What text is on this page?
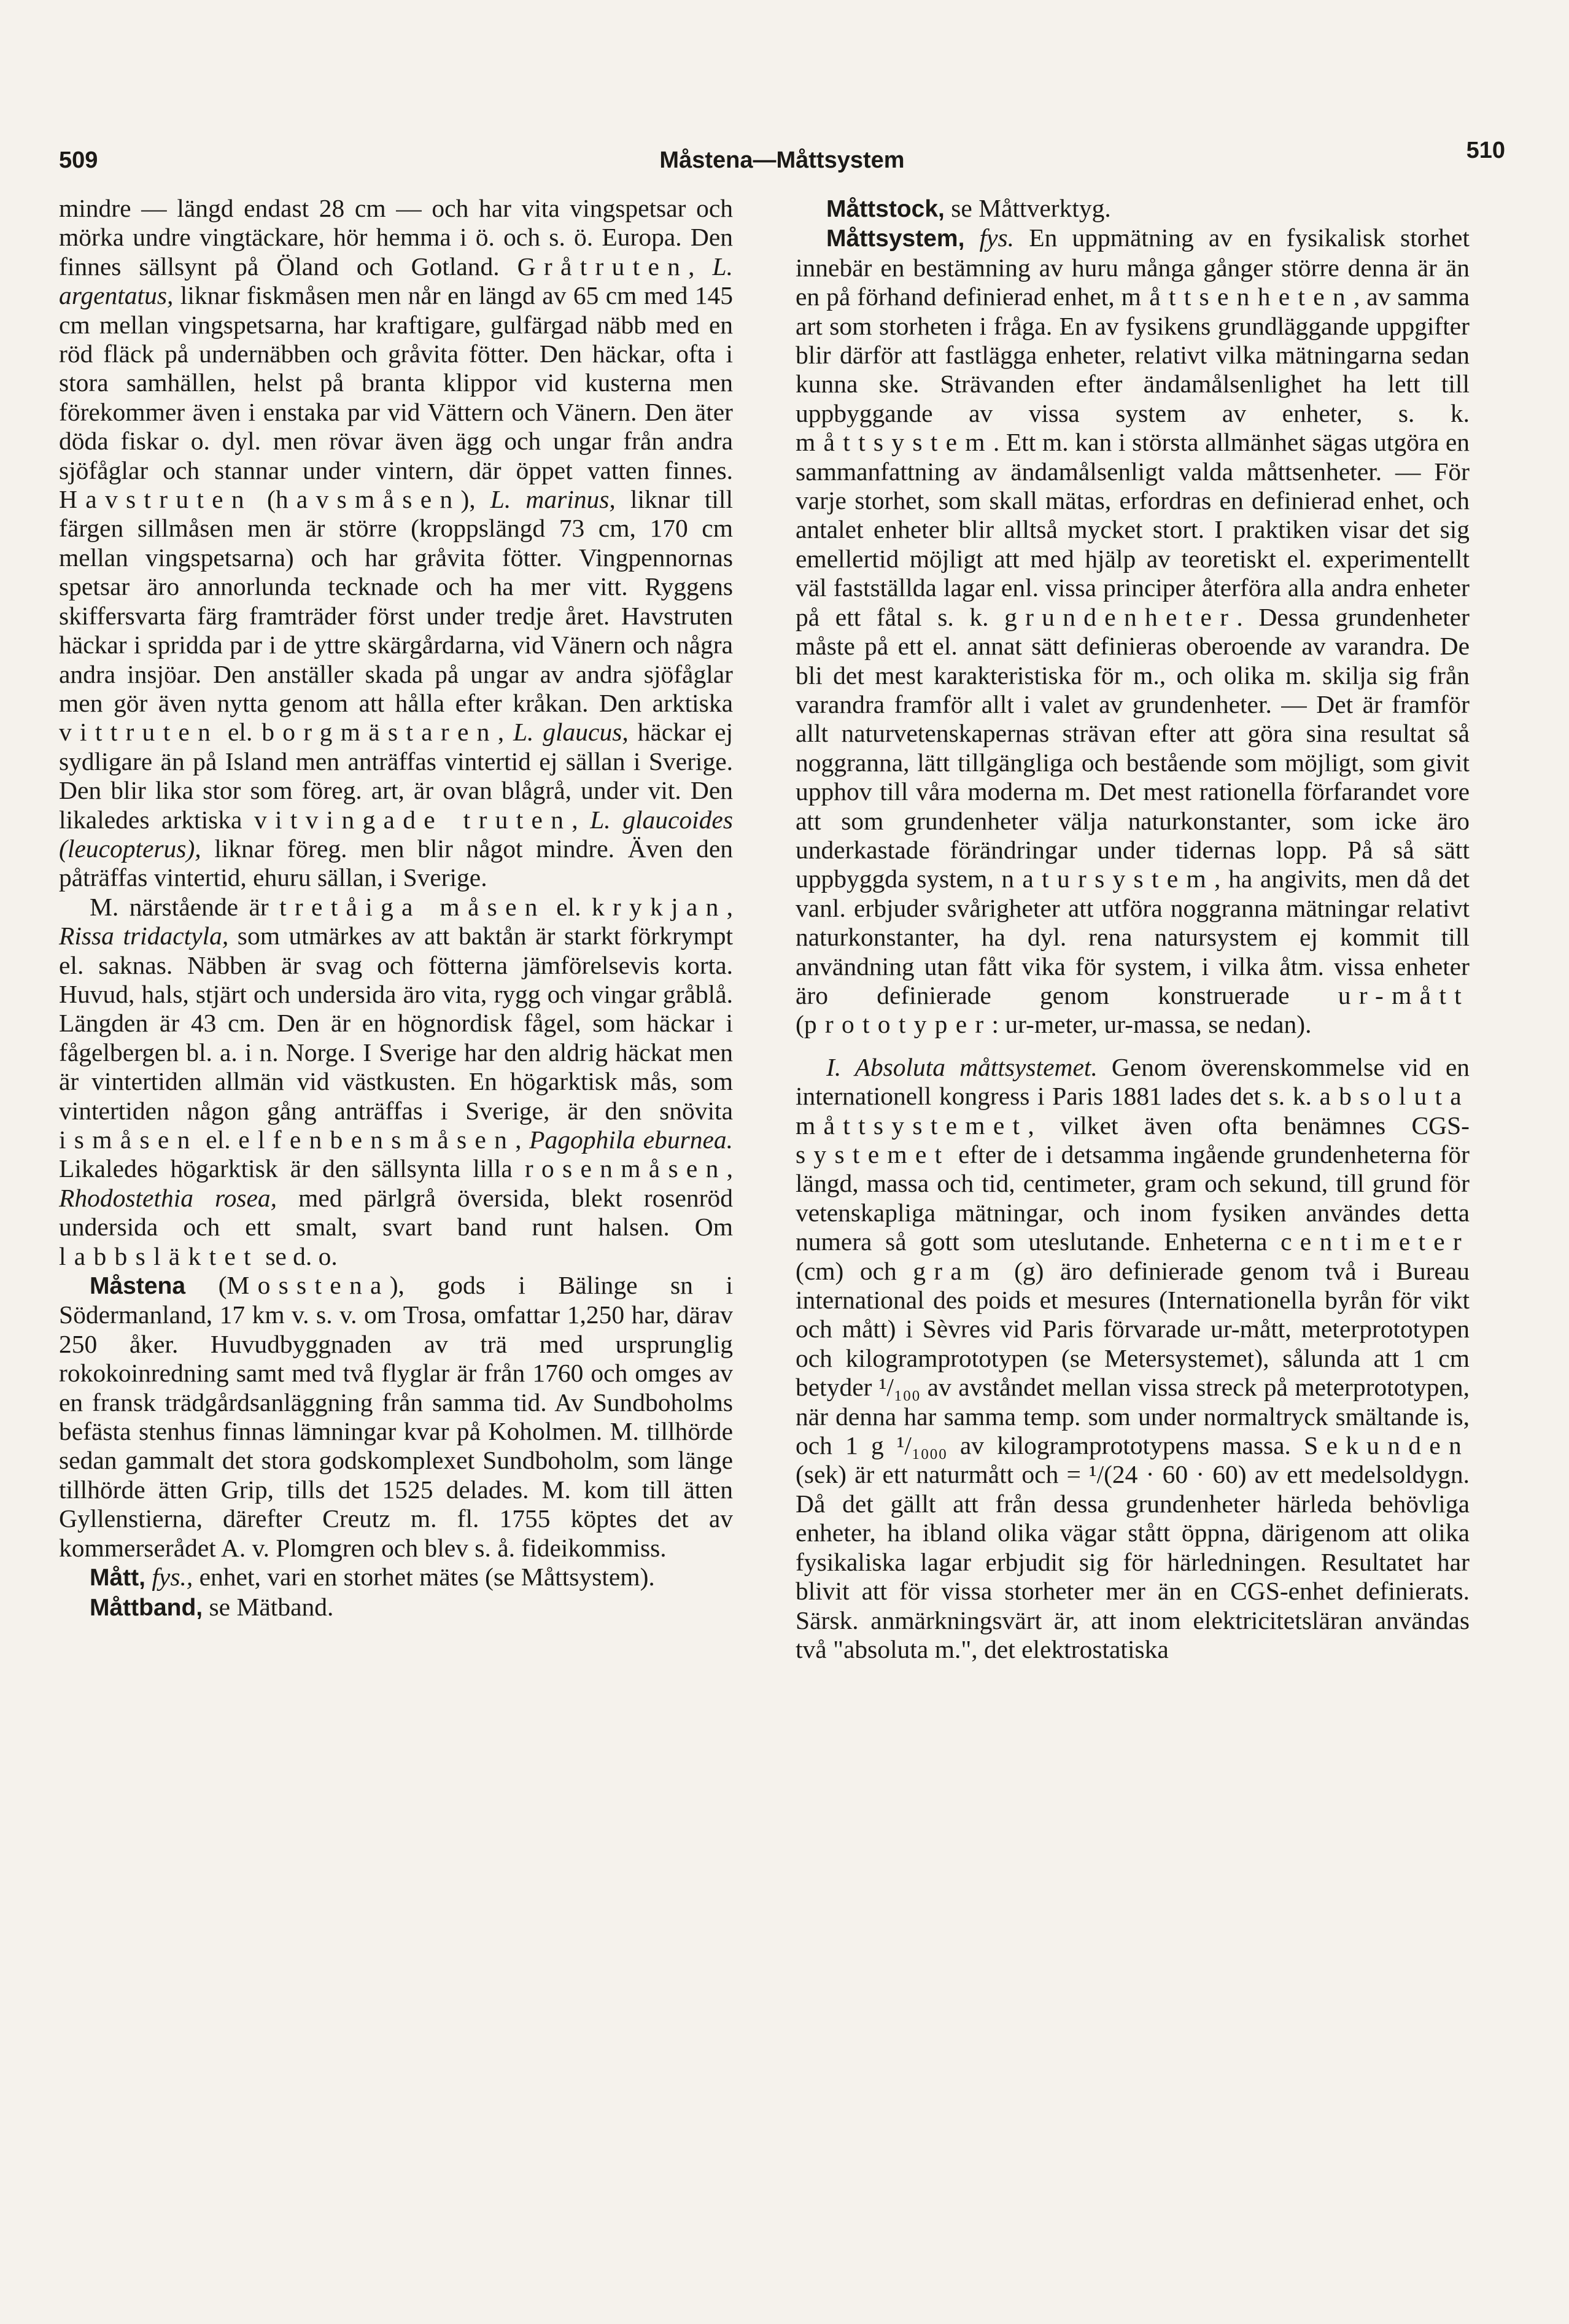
509	Måstena—Måttsystem	510

mindre — längd endast 28 cm — och har vita vingspetsar och mörka undre vingtäckare, hör hemma i ö. och s. ö. Europa. Den finnes sällsynt på Öland och Gotland. Gråtruten, L. argentatus, liknar fiskmåsen men når en längd av 65 cm med 145 cm mellan vingspetsarna, har kraftigare, gulfärgad näbb med en röd fläck på undernäbben och gråvita fötter. Den häckar, ofta i stora samhällen, helst på branta klippor vid kusterna men förekommer även i enstaka par vid Vättern och Vänern. Den äter döda fiskar o. dyl. men rövar även ägg och ungar från andra sjöfåglar och stannar under vintern, där öppet vatten finnes. Havstruten (havsmåsen), L. marinus, liknar till färgen sillmåsen men är större (kroppslängd 73 cm, 170 cm mellan vingspetsarna) och har gråvita fötter. Vingpennornas spetsar äro annorlunda tecknade och ha mer vitt. Ryggens skiffersvarta färg framträder först under tredje året. Havstruten häckar i spridda par i de yttre skärgårdarna, vid Vänern och några andra insjöar. Den anställer skada på ungar av andra sjöfåglar men gör även nytta genom att hålla efter kråkan. Den arktiska vittruten el. borgmästaren, L. glaucus, häckar ej sydligare än på Island men anträffas vintertid ej sällan i Sverige. Den blir lika stor som föreg. art, är ovan blågrå, under vit. Den likaledes arktiska vitvingade truten, L. glaucoides (leucopterus), liknar föreg. men blir något mindre. Även den påträffas vintertid, ehuru sällan, i Sverige.

M. närstående är tretåiga måsen el. krykjan, Rissa tridactyla, som utmärkes av att baktån är starkt förkrympt el. saknas. Näbben är svag och fötterna jämförelsevis korta. Huvud, hals, stjärt och undersida äro vita, rygg och vingar gråblå. Längden är 43 cm. Den är en högnordisk fågel, som häckar i fågelbergen bl. a. i n. Norge. I Sverige har den aldrig häckat men är vintertiden allmän vid västkusten. En högarktisk mås, som vintertiden någon gång anträffas i Sverige, är den snövita ismåsen el. elfenbensmåsen, Pagophila eburnea. Likaledes högarktisk är den sällsynta lilla rosenmåsen, Rhodostethia rosea, med pärlgrå översida, blekt rosenröd undersida och ett smalt, svart band runt halsen. Om labbsläktet se d. o.

Måstena (Mosstena), gods i Bälinge sn i Södermanland, 17 km v. s. v. om Trosa, omfattar 1,250 har, därav 250 åker. Huvudbyggnaden av trä med ursprunglig rokokoinredning samt med två flyglar är från 1760 och omges av en fransk trädgårdsanläggning från samma tid. Av Sundboholms befästa stenhus finnas lämningar kvar på Koholmen. M. tillhörde sedan gammalt det stora godskomplexet Sundboholm, som länge tillhörde ätten Grip, tills det 1525 delades. M. kom till ätten Gyllenstierna, därefter Creutz m. fl. 1755 köptes det av kommerserådet A. v. Plomgren och blev s. å. fideikommiss.

Mått, fys., enhet, vari en storhet mätes (se Måttsystem).

Måttband, se Mätband.

Måttstock, se Måttverktyg.

Måttsystem, fys. En uppmätning av en fysikalisk storhet innebär en bestämning av huru många gånger större denna är än en på förhand definierad enhet, måttsenheten, av samma art som storheten i fråga. En av fysikens grundläggande uppgifter blir därför att fastlägga enheter, relativt vilka mätningarna sedan kunna ske. Strävanden efter ändamålsenlighet ha lett till uppbyggande av vissa system av enheter, s. k. måttsystem. Ett m. kan i största allmänhet sägas utgöra en sammanfattning av ändamålsenligt valda måttsenheter. — För varje storhet, som skall mätas, erfordras en definierad enhet, och antalet enheter blir alltså mycket stort. I praktiken visar det sig emellertid möjligt att med hjälp av teoretiskt el. experimentellt väl fastställda lagar enl. vissa principer återföra alla andra enheter på ett fåtal s. k. grundenheter. Dessa grundenheter måste på ett el. annat sätt definieras oberoende av varandra. De bli det mest karakteristiska för m., och olika m. skilja sig från varandra framför allt i valet av grundenheter. — Det är framför allt naturvetenskapernas strävan efter att göra sina resultat så noggranna, lätt tillgängliga och bestående som möjligt, som givit upphov till våra moderna m. Det mest rationella förfarandet vore att som grundenheter välja naturkonstanter, som icke äro underkastade förändringar under tidernas lopp. På så sätt uppbyggda system, natursystem, ha angivits, men då det vanl. erbjuder svårigheter att utföra noggranna mätningar relativt naturkonstanter, ha dyl. rena natursystem ej kommit till användning utan fått vika för system, i vilka åtm. vissa enheter äro definierade genom konstruerade ur-mått (prototyper: ur-meter, ur-massa, se nedan).

I. Absoluta måttsystemet. Genom överenskommelse vid en internationell kongress i Paris 1881 lades det s. k. absoluta måttsystemet, vilket även ofta benämnes CGS-systemet efter de i detsamma ingående grundenheterna för längd, massa och tid, centimeter, gram och sekund, till grund för vetenskapliga mätningar, och inom fysiken användes detta numera så gott som uteslutande. Enheterna centimeter (cm) och gram (g) äro definierade genom två i Bureau international des poids et mesures (Internationella byrån för vikt och mått) i Sèvres vid Paris förvarade ur-mått, meterprototypen och kilogramprototypen (se Metersystemet), sålunda att 1 cm betyder ¹/₁₀₀ av avståndet mellan vissa streck på meterprototypen, när denna har samma temp. som under normaltryck smältande is, och 1 g ¹/₁₀₀₀ av kilogramprototypens massa. Sekunden (sek) är ett naturmått och = ¹/(24 · 60 · 60) av ett medelsoldygn. Då det gällt att från dessa grundenheter härleda behövliga enheter, ha ibland olika vägar stått öppna, därigenom att olika fysikaliska lagar erbjudit sig för härledningen. Resultatet har blivit att för vissa storheter mer än en CGS-enhet definierats. Särsk. anmärkningsvärt är, att inom elektricitetsläran användas två "absoluta m.", det elektrostatiska
